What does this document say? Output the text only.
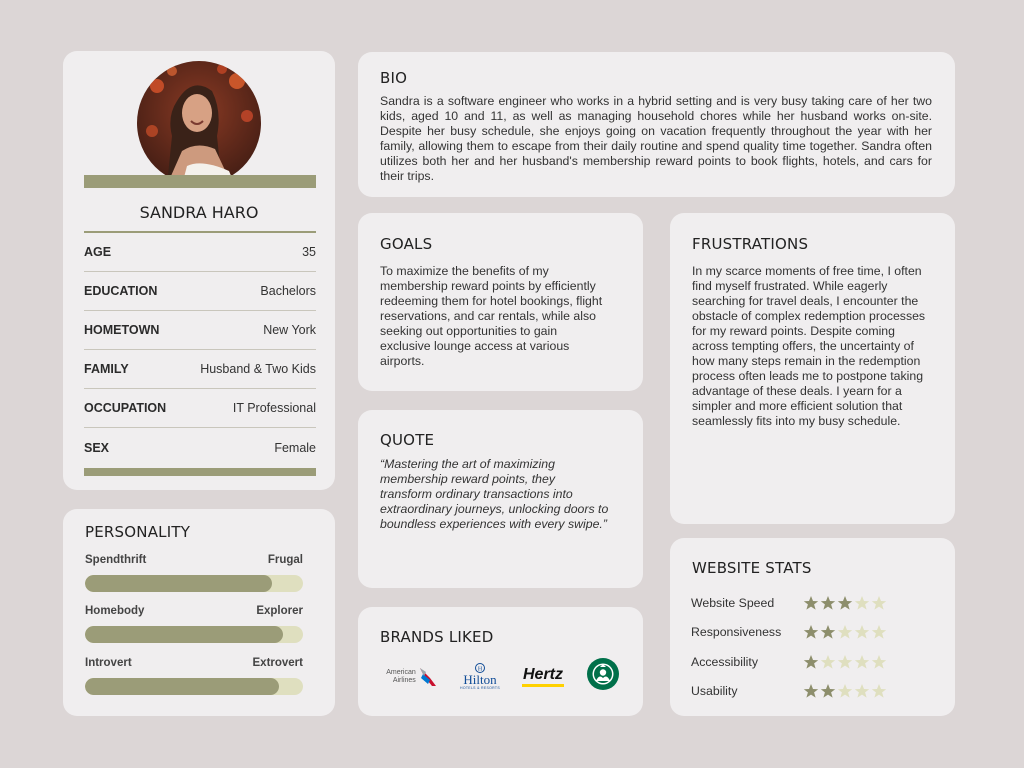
SANDRA HARO
AGE	35
EDUCATION	Bachelors
HOMETOWN	New York
FAMILY	Husband & Two Kids
OCCUPATION	IT Professional
SEX	Female
PERSONALITY
Spendthrift	Frugal
Homebody	Explorer
Introvert	Extrovert
BIO
Sandra is a software engineer who works in a hybrid setting and is very busy taking care of her two kids, aged 10 and 11, as well as managing household chores while her husband works on-site. Despite her busy schedule, she enjoys going on vacation frequently throughout the year with her family, allowing them to escape from their daily routine and spend quality time together. Sandra often utilizes both her and her husband's membership reward points to book flights, hotels, and cars for their trips.
GOALS
To maximize the benefits of my membership reward points by efficiently redeeming them for hotel bookings, flight reservations, and car rentals, while also seeking out opportunities to gain exclusive lounge access at various airports.
QUOTE
“Mastering the art of maximizing membership reward points, they transform ordinary transactions into extraordinary journeys, unlocking doors to boundless experiences with every swipe.”
BRANDS LIKED
American
Airlines
H
Hilton
HOTELS & RESORTS
Hertz
FRUSTRATIONS
In my scarce moments of free time, I often find myself frustrated. While eagerly searching for travel deals, I encounter the obstacle of complex redemption processes for my reward points. Despite coming across tempting offers, the uncertainty of how many steps remain in the redemption process often leads me to postpone taking advantage of these deals. I yearn for a simpler and more efficient solution that seamlessly fits into my busy schedule.
WEBSITE STATS
Website Speed
Responsiveness
Accessibility
Usability
